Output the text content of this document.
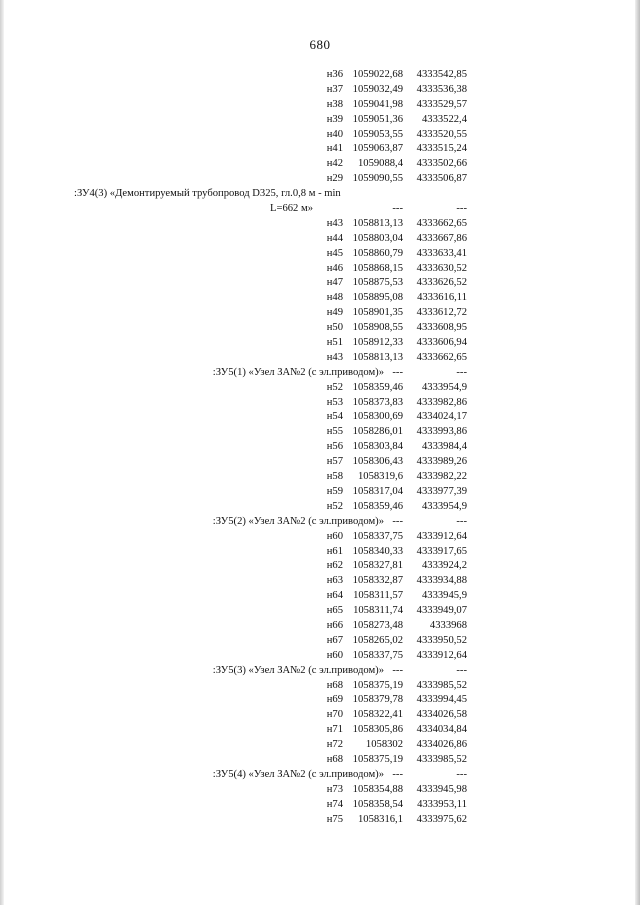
680
н36 1059022,68 4333542,85
н37 1059032,49 4333536,38
н38 1059041,98 4333529,57
н39 1059051,36 4333522,4
н40 1059053,55 4333520,55
н41 1059063,87 4333515,24
н42 1059088,4 4333502,66
н29 1059090,55 4333506,87
:ЗУ4(3) «Демонтируемый трубопровод D325, гл.0,8 м - min
L=662 м»	---	---
н43 1058813,13 4333662,65
н44 1058803,04 4333667,86
н45 1058860,79 4333633,41
н46 1058868,15 4333630,52
н47 1058875,53 4333626,52
н48 1058895,08 4333616,11
н49 1058901,35 4333612,72
н50 1058908,55 4333608,95
н51 1058912,33 4333606,94
н43 1058813,13 4333662,65
:ЗУ5(1) «Узел ЗА№2 (с эл.приводом)» ---	---
н52 1058359,46 4333954,9
н53 1058373,83 4333982,86
н54 1058300,69 4334024,17
н55 1058286,01 4333993,86
н56 1058303,84 4333984,4
н57 1058306,43 4333989,26
н58 1058319,6 4333982,22
н59 1058317,04 4333977,39
н52 1058359,46 4333954,9
:ЗУ5(2) «Узел ЗА№2 (с эл.приводом)» ---	---
н60 1058337,75 4333912,64
н61 1058340,33 4333917,65
н62 1058327,81 4333924,2
н63 1058332,87 4333934,88
н64 1058311,57 4333945,9
н65 1058311,74 4333949,07
н66 1058273,48	4333968
н67 1058265,02 4333950,52
н60 1058337,75 4333912,64
:ЗУ5(3) «Узел ЗА№2 (с эл.приводом)» ---	---
н68 1058375,19 4333985,52
н69 1058379,78 4333994,45
н70 1058322,41 4334026,58
н71 1058305,86 4334034,84
н72 1058302 4334026,86
н68 1058375,19 4333985,52
:ЗУ5(4) «Узел ЗА№2 (с эл.приводом)» ---	---
н73 1058354,88 4333945,98
н74 1058358,54 4333953,11
н75 1058316,1 4333975,62
